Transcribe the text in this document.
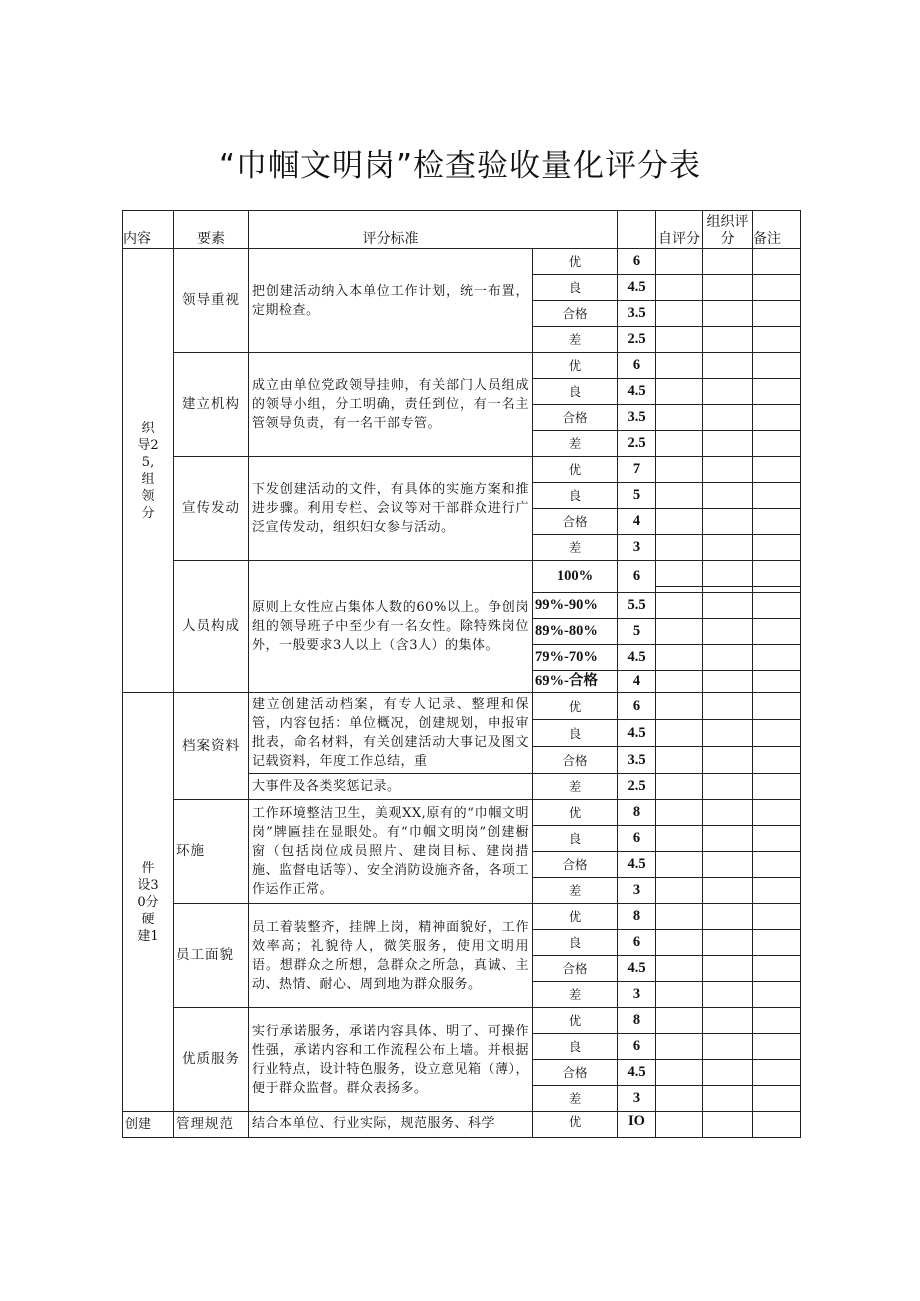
“巾帼文明岗”检查验收量化评分表
内容	要素	评分标准			自评分	组织评分	备注

织导25,组领分	领导重视	把创建活动纳入本单位工作计划，统一布置，定期检查。	优	6			
			良	4.5			
			合格	3.5			
			差	2.5			
	建立机构	成立由单位党政领导挂帅，有关部门人员组成的领导小组，分工明确，责任到位，有一名主管领导负责，有一名干部专管。	优	6			
			良	4.5			
			合格	3.5			
			差	2.5			
	宣传发动	下发创建活动的文件，有具体的实施方案和推进步骤。利用专栏、会议等对干部群众进行广泛宣传发动，组织妇女参与活动。	优	7			
			良	5			
			合格	4			
			差	3			
	人员构成	原则上女性应占集体人数的60%以上。争创岗组的领导班子中至少有一名女性。除特殊岗位外，一般要求3人以上（含3人）的集体。	100%	6			

			99%-90%	5.5			
			89%-80%	5			
			79%-70%	4.5			
			69%-合格	4			

件设30分硬建1	档案资料	建立创建活动档案，有专人记录、整理和保管，内容包括：单位概况，创建规划，申报审批表，命名材料，有关创建活动大事记及图文记载资料，年度工作总结，重	优	6			
			良	4.5			
			合格	3.5			
		大事件及各类奖惩记录。	差	2.5			
	环施	工作环境整洁卫生，美观XX,原有的“巾帼文明岗”牌匾挂在显眼处。有“巾帼文明岗”创建橱窗（包括岗位成员照片、建岗目标、建岗措施、监督电话等）、安全消防设施齐备，各项工作运作正常。	优	8			
			良	6			
			合格	4.5			
			差	3			
	员工面貌	员工着装整齐，挂牌上岗，精神面貌好，工作效率高；礼貌待人，微笑服务，使用文明用语。想群众之所想，急群众之所急，真诚、主动、热情、耐心、周到地为群众服务。	优	8			
			良	6			
			合格	4.5			
			差	3			
	优质服务	实行承诺服务，承诺内容具体、明了、可操作性强，承诺内容和工作流程公布上墙。并根据行业特点，设计特色服务，设立意见箱（薄），便于群众监督。群众表扬多。	优	8			
			良	6			
			合格	4.5			
			差	3			
创建	管理规范	结合本单位、行业实际，规范服务、科学	优	IO			
